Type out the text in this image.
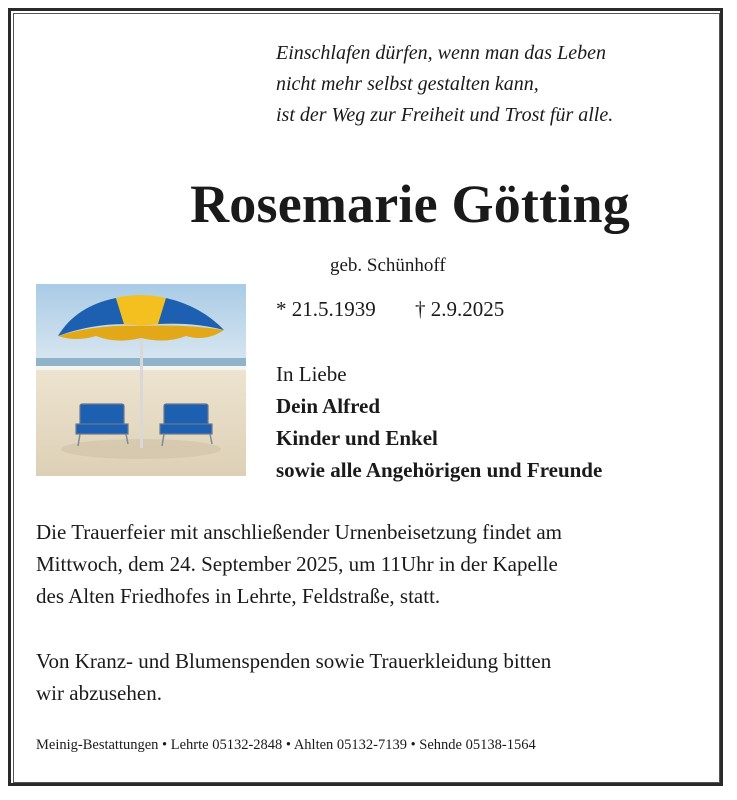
Einschlafen dürfen, wenn man das Leben
nicht mehr selbst gestalten kann,
ist der Weg zur Freiheit und Trost für alle.
Rosemarie Götting
geb. Schünhoff
* 21.5.1939 † 2.9.2025
In Liebe
Dein Alfred
Kinder und Enkel
sowie alle Angehörigen und Freunde
Die Trauerfeier mit anschließender Urnenbeisetzung findet am
Mittwoch, dem 24. September 2025, um 11Uhr in der Kapelle
des Alten Friedhofes in Lehrte, Feldstraße, statt.
Von Kranz- und Blumenspenden sowie Trauerkleidung bitten
wir abzusehen.
Meinig-Bestattungen • Lehrte 05132-2848 • Ahlten 05132-7139 • Sehnde 05138-1564
